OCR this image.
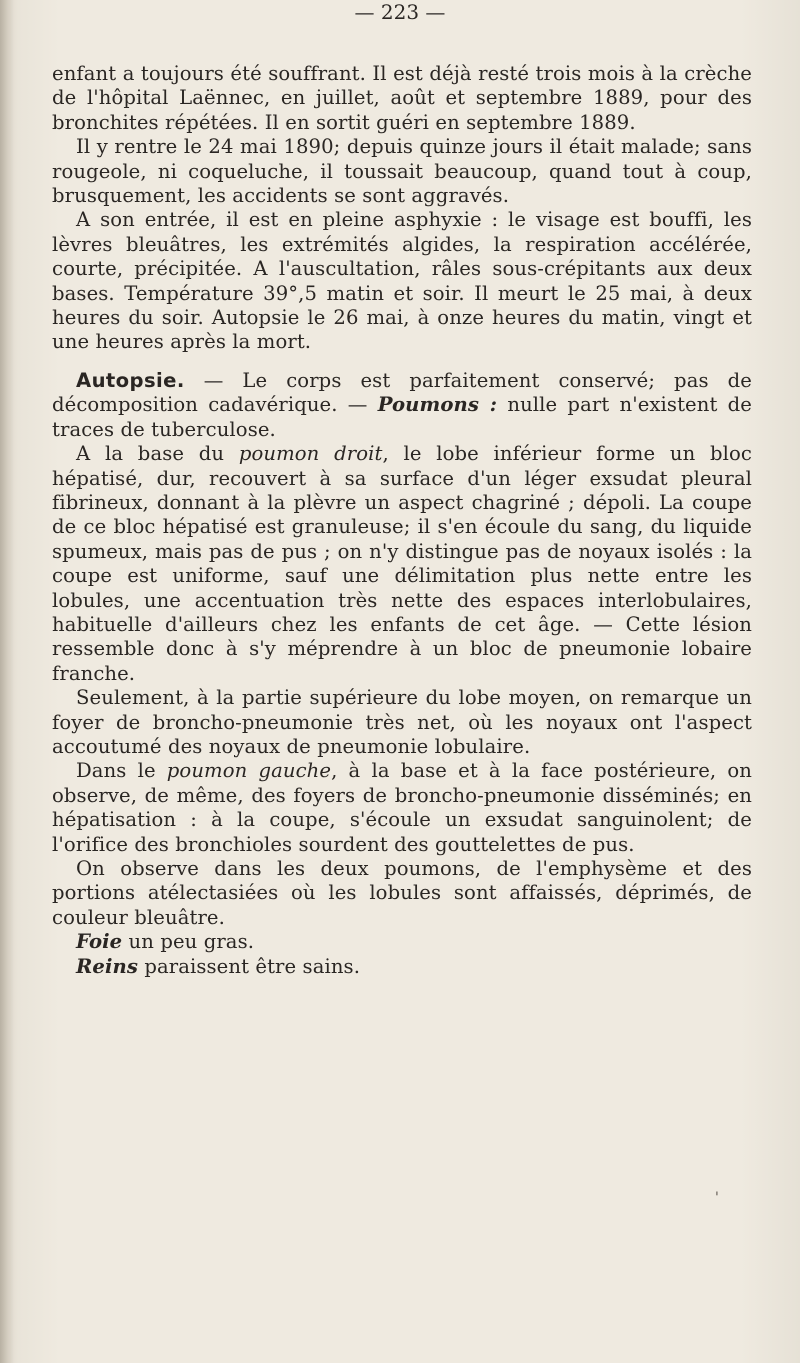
— 223 —

enfant a toujours été souffrant. Il est déjà resté trois mois à la crèche de l'hôpital Laënnec, en juillet, août et septembre 1889, pour des bronchites répétées. Il en sortit guéri en septembre 1889.

Il y rentre le 24 mai 1890; depuis quinze jours il était malade; sans rougeole, ni coqueluche, il toussait beaucoup, quand tout à coup, brusquement, les accidents se sont aggravés.

A son entrée, il est en pleine asphyxie : le visage est bouffi, les lèvres bleuâtres, les extrémités algides, la respiration accélérée, courte, précipitée. A l'auscultation, râles sous-crépitants aux deux bases. Température 39°,5 matin et soir. Il meurt le 25 mai, à deux heures du soir. Autopsie le 26 mai, à onze heures du matin, vingt et une heures après la mort.

Autopsie. — Le corps est parfaitement conservé; pas de décomposition cadavérique. — Poumons : nulle part n'existent de traces de tuberculose.

A la base du poumon droit, le lobe inférieur forme un bloc hépatisé, dur, recouvert à sa surface d'un léger exsudat pleural fibrineux, donnant à la plèvre un aspect chagriné ; dépoli. La coupe de ce bloc hépatisé est granuleuse; il s'en écoule du sang, du liquide spumeux, mais pas de pus ; on n'y distingue pas de noyaux isolés : la coupe est uniforme, sauf une délimitation plus nette entre les lobules, une accentuation très nette des espaces interlobulaires, habituelle d'ailleurs chez les enfants de cet âge. — Cette lésion ressemble donc à s'y méprendre à un bloc de pneumonie lobaire franche.

Seulement, à la partie supérieure du lobe moyen, on remarque un foyer de broncho-pneumonie très net, où les noyaux ont l'aspect accoutumé des noyaux de pneumonie lobulaire.

Dans le poumon gauche, à la base et à la face postérieure, on observe, de même, des foyers de broncho-pneumonie disséminés; en hépatisation : à la coupe, s'écoule un exsudat sanguinolent; de l'orifice des bronchioles sourdent des gouttelettes de pus.

On observe dans les deux poumons, de l'emphysème et des portions atélectasiées où les lobules sont affaissés, déprimés, de couleur bleuâtre.

Foie un peu gras.

Reins paraissent être sains.

'
